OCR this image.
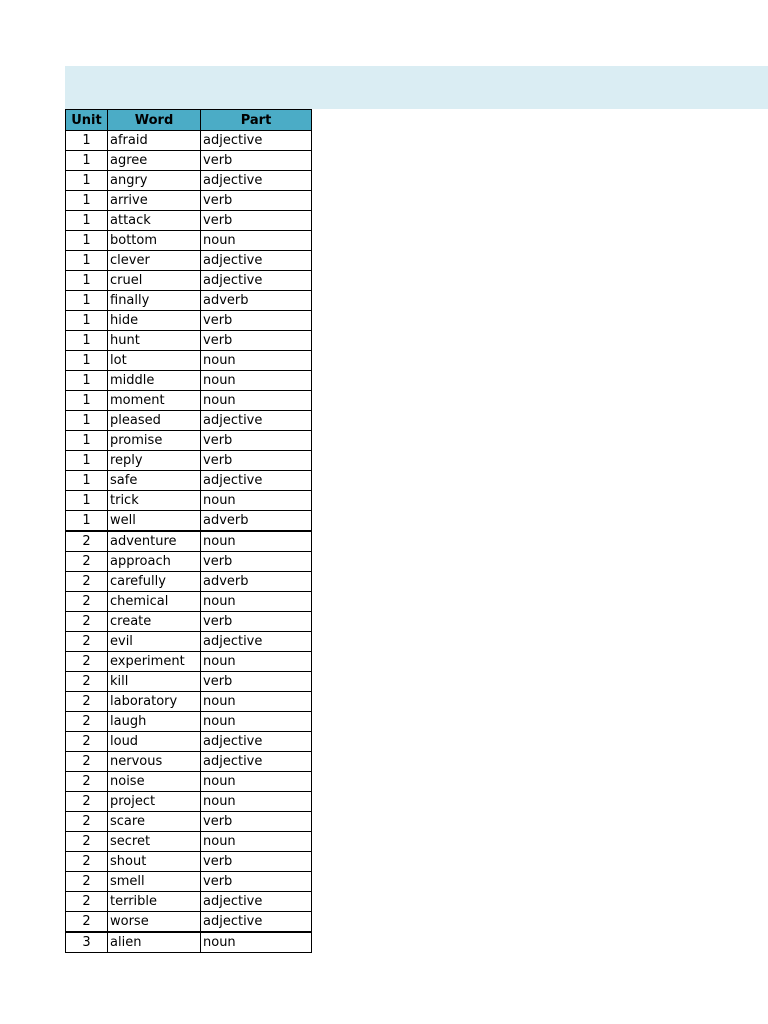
Unit	Word	Part
1	afraid	adjective
1	agree	verb
1	angry	adjective
1	arrive	verb
1	attack	verb
1	bottom	noun
1	clever	adjective
1	cruel	adjective
1	finally	adverb
1	hide	verb
1	hunt	verb
1	lot	noun
1	middle	noun
1	moment	noun
1	pleased	adjective
1	promise	verb
1	reply	verb
1	safe	adjective
1	trick	noun
1	well	adverb
2	adventure	noun
2	approach	verb
2	carefully	adverb
2	chemical	noun
2	create	verb
2	evil	adjective
2	experiment	noun
2	kill	verb
2	laboratory	noun
2	laugh	noun
2	loud	adjective
2	nervous	adjective
2	noise	noun
2	project	noun
2	scare	verb
2	secret	noun
2	shout	verb
2	smell	verb
2	terrible	adjective
2	worse	adjective
3	alien	noun
